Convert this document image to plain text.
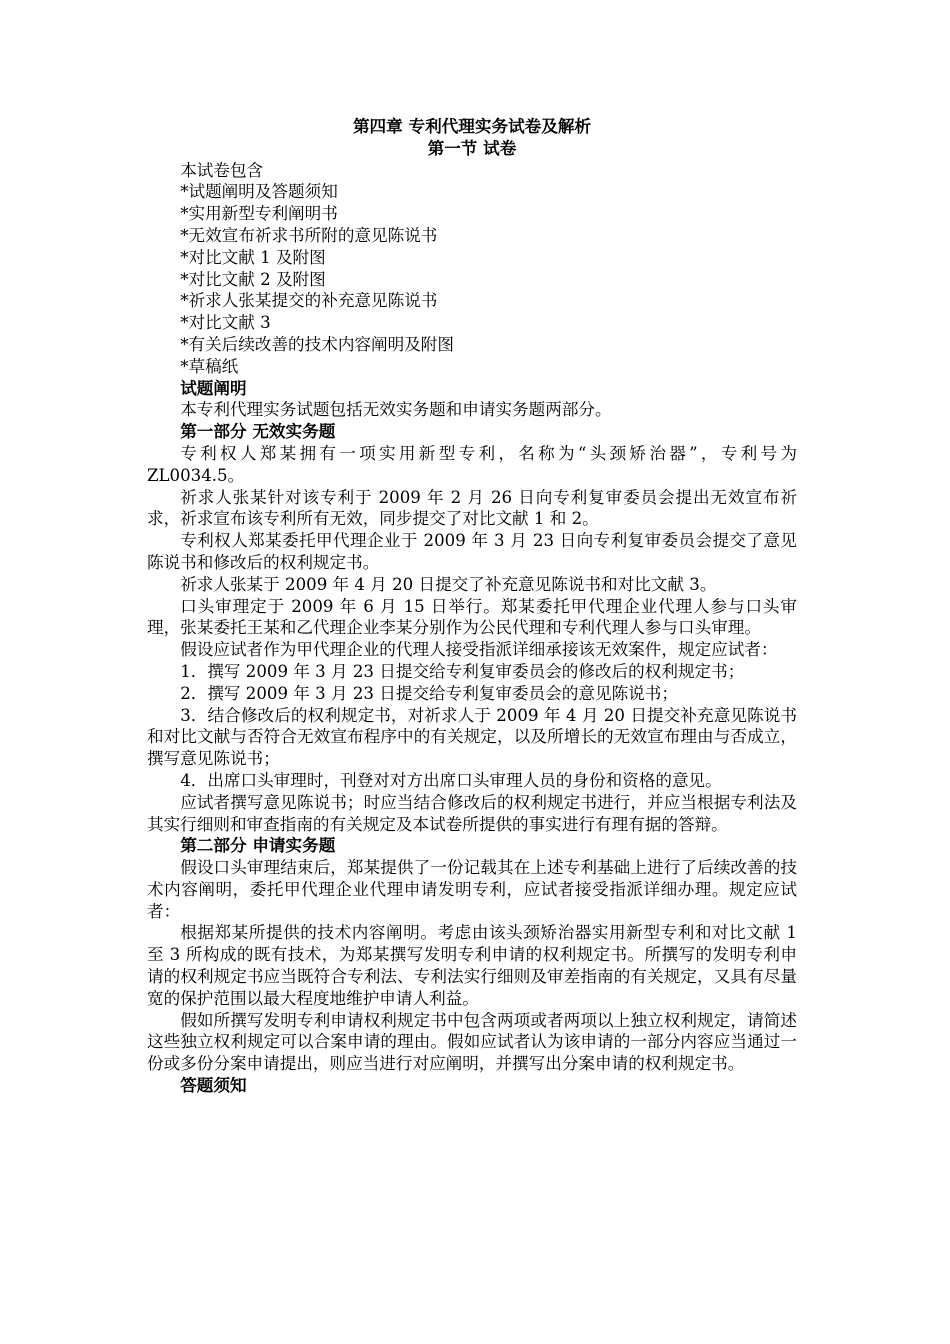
第四章 专利代理实务试卷及解析

第一节 试卷

本试卷包含

*试题阐明及答题须知
*实用新型专利阐明书
*无效宣布祈求书所附的意见陈说书
*对比文献 1 及附图
*对比文献 2 及附图
*祈求人张某提交的补充意见陈说书
*对比文献 3
*有关后续改善的技术内容阐明及附图
*草稿纸

试题阐明

本专利代理实务试题包括无效实务题和申请实务题两部分。

第一部分 无效实务题

专利权人郑某拥有一项实用新型专利，名称为“头颈矫治器”，专利号为 ZL0034.5。

祈求人张某针对该专利于 2009 年 2 月 26 日向专利复审委员会提出无效宣布祈求，祈求宣布该专利所有无效，同步提交了对比文献 1 和 2。

专利权人郑某委托甲代理企业于 2009 年 3 月 23 日向专利复审委员会提交了意见陈说书和修改后的权利规定书。

祈求人张某于 2009 年 4 月 20 日提交了补充意见陈说书和对比文献 3。

口头审理定于 2009 年 6 月 15 日举行。郑某委托甲代理企业代理人参与口头审理，张某委托王某和乙代理企业李某分别作为公民代理和专利代理人参与口头审理。

假设应试者作为甲代理企业的代理人接受指派详细承接该无效案件，规定应试者：

1．撰写 2009 年 3 月 23 日提交给专利复审委员会的修改后的权利规定书；

2．撰写 2009 年 3 月 23 日提交给专利复审委员会的意见陈说书；

3．结合修改后的权利规定书，对祈求人于 2009 年 4 月 20 日提交补充意见陈说书和对比文献与否符合无效宣布程序中的有关规定，以及所增长的无效宣布理由与否成立，撰写意见陈说书；

4．出席口头审理时，刊登对对方出席口头审理人员的身份和资格的意见。

应试者撰写意见陈说书；时应当结合修改后的权利规定书进行，并应当根据专利法及其实行细则和审查指南的有关规定及本试卷所提供的事实进行有理有据的答辩。

第二部分 申请实务题

假设口头审理结束后，郑某提供了一份记载其在上述专利基础上进行了后续改善的技术内容阐明，委托甲代理企业代理申请发明专利，应试者接受指派详细办理。规定应试者：

根据郑某所提供的技术内容阐明。考虑由该头颈矫治器实用新型专利和对比文献 1 至 3 所构成的既有技术，为郑某撰写发明专利申请的权利规定书。所撰写的发明专利申请的权利规定书应当既符合专利法、专利法实行细则及审差指南的有关规定，又具有尽量宽的保护范围以最大程度地维护申请人利益。

假如所撰写发明专利申请权利规定书中包含两项或者两项以上独立权利规定，请简述这些独立权利规定可以合案申请的理由。假如应试者认为该申请的一部分内容应当通过一份或多份分案申请提出，则应当进行对应阐明，并撰写出分案申请的权利规定书。

答题须知
